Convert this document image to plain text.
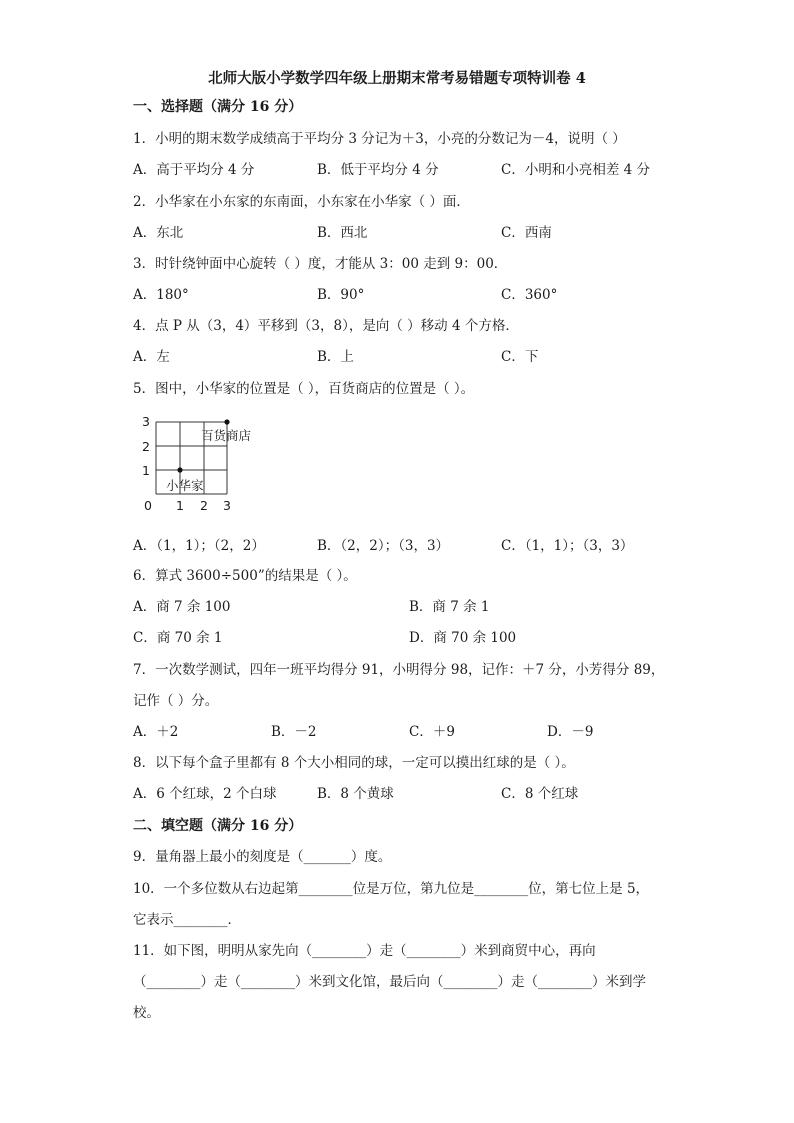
北师大版小学数学四年级上册期末常考易错题专项特训卷 4
一、选择题（满分 16 分）
1．小明的期末数学成绩高于平均分 3 分记为＋3，小亮的分数记为－4，说明（ ）
A．高于平均分 4 分	B．低于平均分 4 分	C．小明和小亮相差 4 分
2．小华家在小东家的东南面，小东家在小华家（ ）面．
A．东北	B．西北	C．西南
3．时针绕钟面中心旋转（ ）度，才能从 3：00 走到 9：00．
A．180°	B．90°	C．360°
4．点 P 从（3，4）平移到（3，8），是向（ ）移动 4 个方格．
A．左	B．上	C．下
5．图中，小华家的位置是（ ），百货商店的位置是（ ）。
百货商店
小华家
3
2
1
0 1 2 3
A．（1，1）；（2，2）	B．（2，2）；（3，3）	C．（1，1）；（3，3）
6．算式 3600÷500”的结果是（ ）。
A．商 7 余 100	B．商 7 余 1
C．商 70 余 1	D．商 70 余 100
7．一次数学测试，四年一班平均得分 91，小明得分 98，记作：＋7 分，小芳得分 89，
记作（ ）分。
A．＋2	B．－2	C．＋9	D．－9
8．以下每个盒子里都有 8 个大小相同的球，一定可以摸出红球的是（ ）。
A．6 个红球，2 个白球	B．8 个黄球	C．8 个红球
二、填空题（满分 16 分）
9．量角器上最小的刻度是（_______）度。
10．一个多位数从右边起第________位是万位，第九位是________位，第七位上是 5，
它表示________．
11．如下图，明明从家先向（________）走（________）米到商贸中心，再向
（________）走（________）米到文化馆，最后向（________）走（________）米到学
校。
